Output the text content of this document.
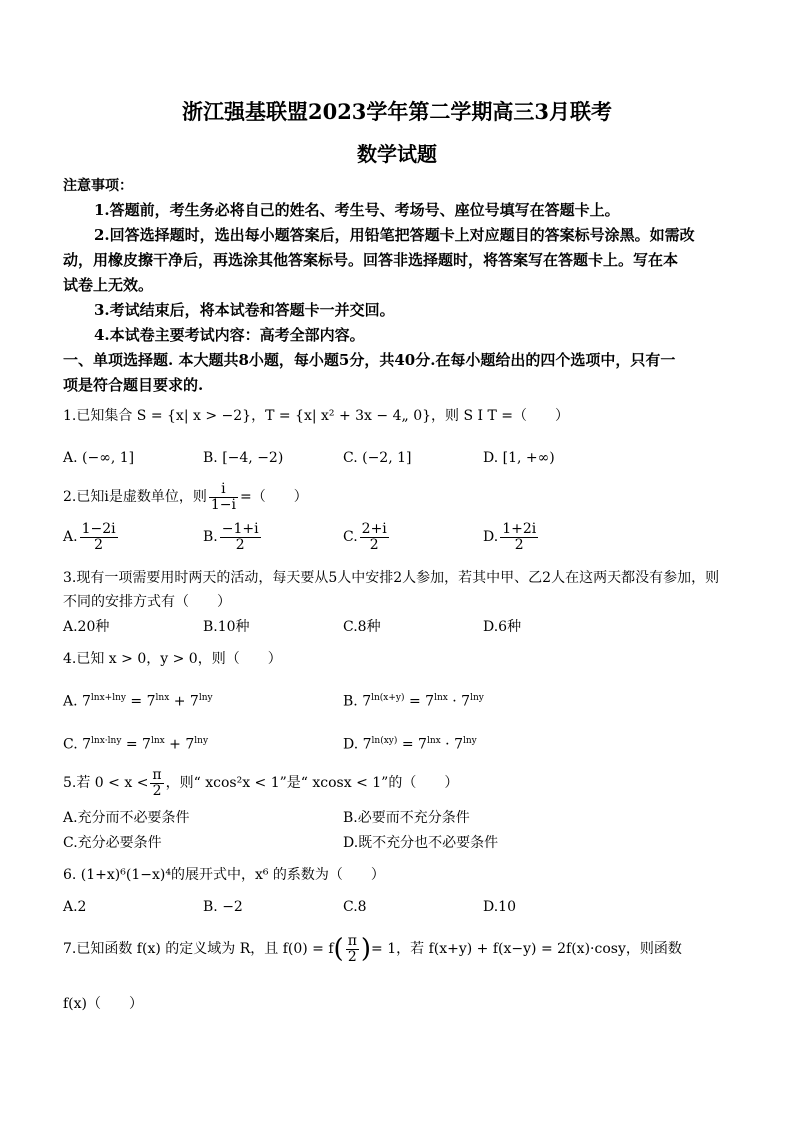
浙江强基联盟2023学年第二学期高三3月联考
数学试题
注意事项：
1.答题前，考生务必将自己的姓名、考生号、考场号、座位号填写在答题卡上。
2.回答选择题时，选出每小题答案后，用铅笔把答题卡上对应题目的答案标号涂黑。如需改
动，用橡皮擦干净后，再选涂其他答案标号。回答非选择题时，将答案写在答题卡上。写在本
试卷上无效。
3.考试结束后，将本试卷和答题卡一并交回。
4.本试卷主要考试内容：高考全部内容。
一、单项选择题. 本大题共8小题，每小题5分，共40分.在每小题给出的四个选项中，只有一
项是符合题目要求的.
1.已知集合 S = {x| x > −2}，T = {x| x² + 3x − 4„ 0}，则 S I T =（　　）
A. (−∞, 1]	B. [−4, −2)	C. (−2, 1]	D. [1, +∞)
2.已知i是虚数单位，则 $\frac{i}{1-i}$ =（　　）
A. $\frac{1-2i}{2}$	B. $\frac{-1+i}{2}$	C. $\frac{2+i}{2}$	D. $\frac{1+2i}{2}$
3.现有一项需要用时两天的活动，每天要从5人中安排2人参加，若其中甲、乙2人在这两天都没有参加，则
不同的安排方式有（　　）
A.20种	B.10种	C.8种	D.6种
4.已知 x > 0，y > 0，则（　　）
A. $7^{lnx+lny} = 7^{lnx} + 7^{lny}$	B. $7^{ln(x+y)} = 7^{lnx} \cdot 7^{lny}$
C. $7^{lnx\cdot lny} = 7^{lnx} + 7^{lny}$	D. $7^{ln(xy)} = 7^{lnx} \cdot 7^{lny}$
5.若 $0 < x < \frac{\pi}{2}$ ，则“ xcos²x < 1”是“ xcosx < 1”的（　　）
A.充分而不必要条件	B.必要而不充分条件
C.充分必要条件	D.既不充分也不必要条件
6. (1+x)⁶(1−x)⁴的展开式中，x⁶ 的系数为（　　）
A.2	B. −2	C.8	D.10
7.已知函数 f(x) 的定义域为 R，且 $f(0) = f( \frac{\pi}{2}$ )= 1，若 f(x+y) + f(x−y) = 2f(x)·cosy，则函数
f(x)（　　）
